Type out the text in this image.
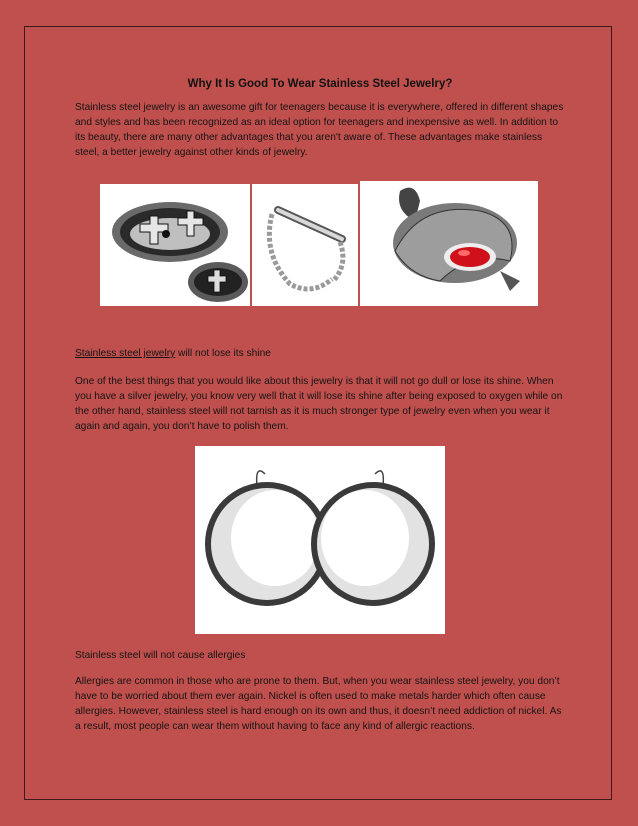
Why It Is Good To Wear Stainless Steel Jewelry?

Stainless steel jewelry is an awesome gift for teenagers because it is everywhere, offered in different shapes and styles and has been recognized as an ideal option for teenagers and inexpensive as well. In addition to its beauty, there are many other advantages that you aren't aware of. These advantages make stainless steel, a better jewelry against other kinds of jewelry.

Stainless steel jewelry will not lose its shine

One of the best things that you would like about this jewelry is that it will not go dull or lose its shine. When you have a silver jewelry, you know very well that it will lose its shine after being exposed to oxygen while on the other hand, stainless steel will not tarnish as it is much stronger type of jewelry even when you wear it again and again, you don’t have to polish them.

Stainless steel will not cause allergies

Allergies are common in those who are prone to them. But, when you wear stainless steel jewelry, you don’t have to be worried about them ever again. Nickel is often used to make metals harder which often cause allergies. However, stainless steel is hard enough on its own and thus, it doesn’t need addiction of nickel. As a result, most people can wear them without having to face any kind of allergic reactions.
